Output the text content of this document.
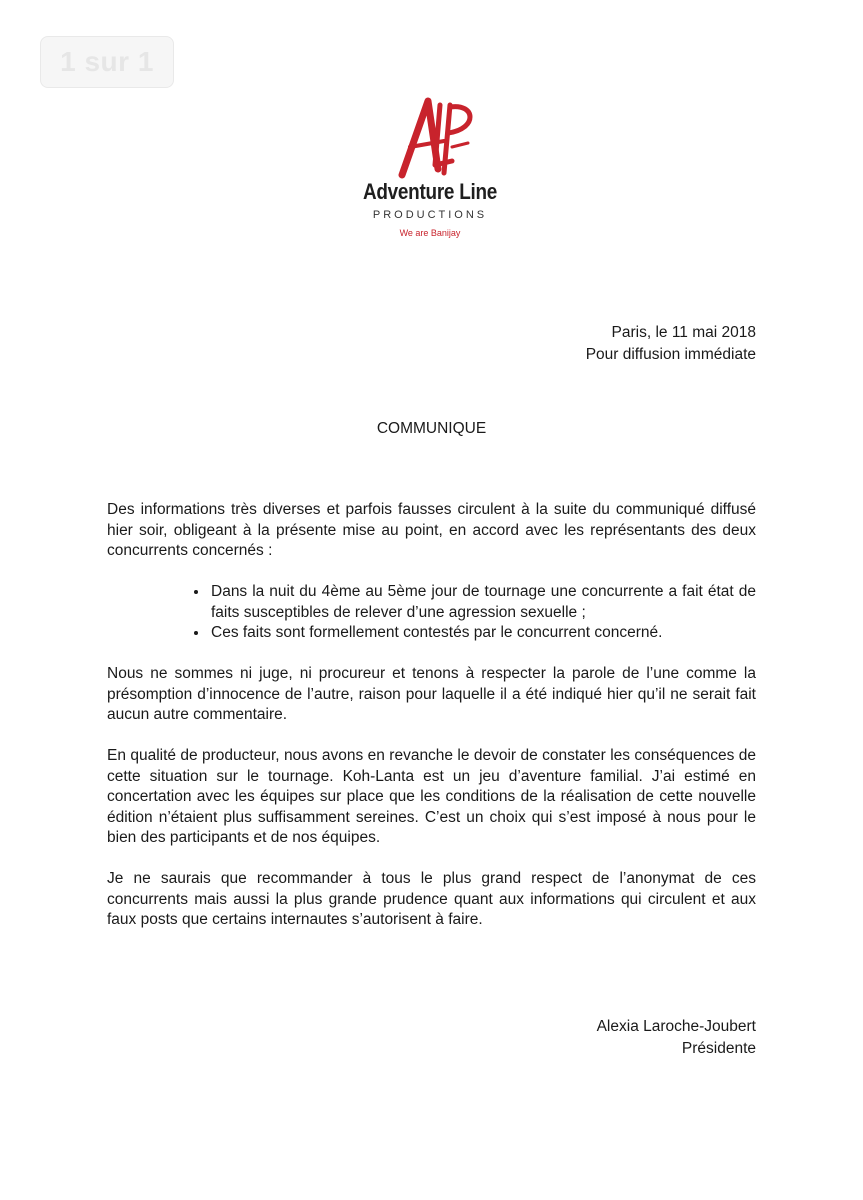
1 sur 1
Adventure Line
PRODUCTIONS
We are Banijay
Paris, le 11 mai 2018
Pour diffusion immédiate
COMMUNIQUE

Des informations très diverses et parfois fausses circulent à la suite du communiqué diffusé hier soir, obligeant à la présente mise au point, en accord avec les représentants des deux concurrents concernés :

• Dans la nuit du 4ème au 5ème jour de tournage une concurrente a fait état de faits susceptibles de relever d’une agression sexuelle ;
• Ces faits sont formellement contestés par le concurrent concerné.

Nous ne sommes ni juge, ni procureur et tenons à respecter la parole de l’une comme la présomption d’innocence de l’autre, raison pour laquelle il a été indiqué hier qu’il ne serait fait aucun autre commentaire.

En qualité de producteur, nous avons en revanche le devoir de constater les conséquences de cette situation sur le tournage. Koh-Lanta est un jeu d’aventure familial. J’ai estimé en concertation avec les équipes sur place que les conditions de la réalisation de cette nouvelle édition n’étaient plus suffisamment sereines. C’est un choix qui s’est imposé à nous pour le bien des participants et de nos équipes.

Je ne saurais que recommander à tous le plus grand respect de l’anonymat de ces concurrents mais aussi la plus grande prudence quant aux informations qui circulent et aux faux posts que certains internautes s’autorisent à faire.

Alexia Laroche-Joubert
Présidente
